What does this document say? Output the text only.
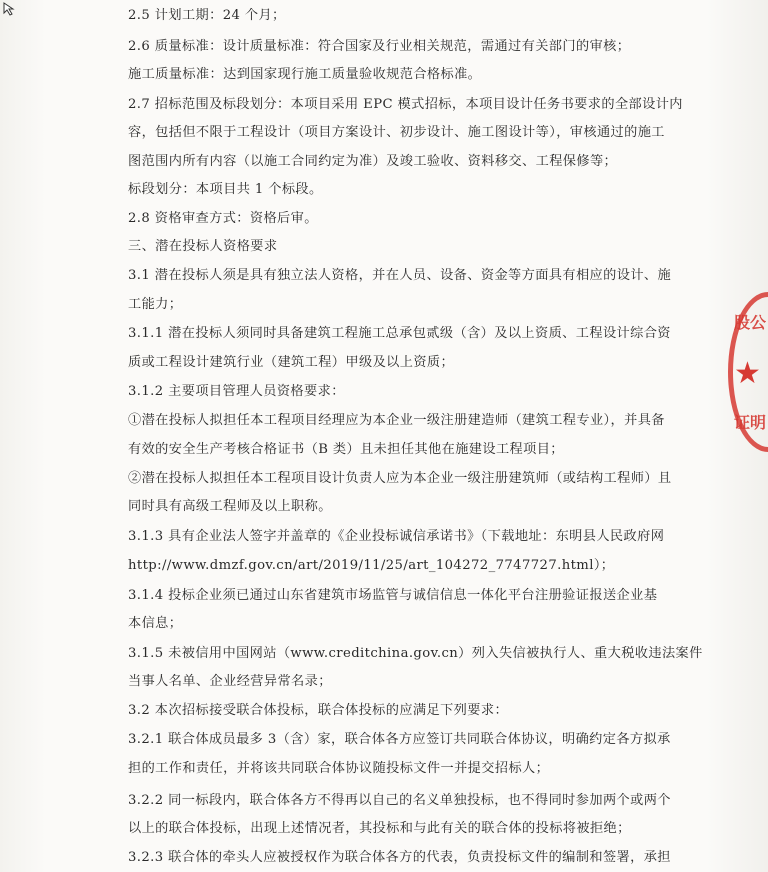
2.5 计划工期：24 个月；
2.6 质量标准：设计质量标准：符合国家及行业相关规范，需通过有关部门的审核；
施工质量标准：达到国家现行施工质量验收规范合格标准。
2.7 招标范围及标段划分：本项目采用 EPC 模式招标，本项目设计任务书要求的全部设计内
容，包括但不限于工程设计（项目方案设计、初步设计、施工图设计等），审核通过的施工
图范围内所有内容（以施工合同约定为准）及竣工验收、资料移交、工程保修等；
标段划分：本项目共 1 个标段。
2.8 资格审查方式：资格后审。
三、潜在投标人资格要求
3.1 潜在投标人须是具有独立法人资格，并在人员、设备、资金等方面具有相应的设计、施
工能力；
3.1.1 潜在投标人须同时具备建筑工程施工总承包贰级（含）及以上资质、工程设计综合资
质或工程设计建筑行业（建筑工程）甲级及以上资质；
3.1.2 主要项目管理人员资格要求：
①潜在投标人拟担任本工程项目经理应为本企业一级注册建造师（建筑工程专业），并具备
有效的安全生产考核合格证书（B 类）且未担任其他在施建设工程项目；
②潜在投标人拟担任本工程项目设计负责人应为本企业一级注册建筑师（或结构工程师）且
同时具有高级工程师及以上职称。
3.1.3 具有企业法人签字并盖章的《企业投标诚信承诺书》（下载地址：东明县人民政府网
http://www.dmzf.gov.cn/art/2019/11/25/art_104272_7747727.html）；
3.1.4 投标企业须已通过山东省建筑市场监管与诚信信息一体化平台注册验证报送企业基
本信息；
3.1.5 未被信用中国网站（www.creditchina.gov.cn）列入失信被执行人、重大税收违法案件
当事人名单、企业经营异常名录；
3.2 本次招标接受联合体投标，联合体投标的应满足下列要求：
3.2.1 联合体成员最多 3（含）家，联合体各方应签订共同联合体协议，明确约定各方拟承
担的工作和责任，并将该共同联合体协议随投标文件一并提交招标人；
3.2.2 同一标段内，联合体各方不得再以自己的名义单独投标，也不得同时参加两个或两个
以上的联合体投标，出现上述情况者，其投标和与此有关的联合体的投标将被拒绝；
3.2.3 联合体的牵头人应被授权作为联合体各方的代表，负责投标文件的编制和签署，承担
股公
★
证明
